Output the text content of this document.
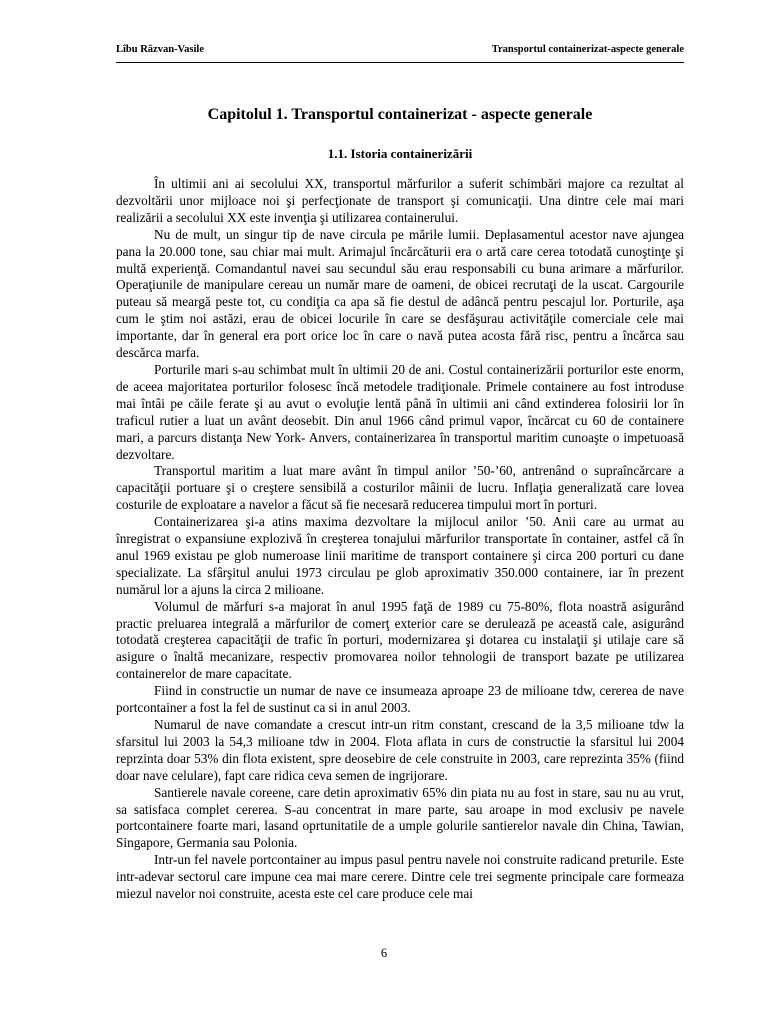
Lîbu Răzvan-Vasile	Transportul containerizat-aspecte generale
Capitolul 1. Transportul containerizat - aspecte generale
1.1. Istoria containerizării

În ultimii ani ai secolului XX, transportul mărfurilor a suferit schimbări majore ca rezultat al dezvoltării unor mijloace noi şi perfecţionate de transport şi comunicaţii. Una dintre cele mai mari realizării a secolului XX este invenţia şi utilizarea containerului.

Nu de mult, un singur tip de nave circula pe mările lumii. Deplasamentul acestor nave ajungea pana la 20.000 tone, sau chiar mai mult. Arimajul încărcăturii era o artă care cerea totodată cunoştinţe şi multă experienţă. Comandantul navei sau secundul său erau responsabili cu buna arimare a mărfurilor. Operaţiunile de manipulare cereau un număr mare de oameni, de obicei recrutaţi de la uscat. Cargourile puteau să meargă peste tot, cu condiţia ca apa să fie destul de adâncă pentru pescajul lor. Porturile, aşa cum le ştim noi astăzi, erau de obicei locurile în care se desfăşurau activităţile comerciale cele mai importante, dar în general era port orice loc în care o navă putea acosta fără risc, pentru a încărca sau descărca marfa.

Porturile mari s-au schimbat mult în ultimii 20 de ani. Costul containerizării porturilor este enorm, de aceea majoritatea porturilor folosesc încă metodele tradiţionale. Primele containere au fost introduse mai întâi pe căile ferate şi au avut o evoluţie lentă până în ultimii ani când extinderea folosirii lor în traficul rutier a luat un avânt deosebit. Din anul 1966 când primul vapor, încărcat cu 60 de containere mari, a parcurs distanţa New York- Anvers, containerizarea în transportul maritim cunoaşte o impetuoasă dezvoltare.

Transportul maritim a luat mare avânt în timpul anilor ’50-’60, antrenând o supraîncărcare a capacităţii portuare şi o creştere sensibilă a costurilor mâinii de lucru. Inflaţia generalizată care lovea costurile de exploatare a navelor a făcut să fie necesară reducerea timpului mort în porturi.

Containerizarea şi-a atins maxima dezvoltare la mijlocul anilor ’50. Anii care au urmat au înregistrat o expansiune explozivă în creşterea tonajului mărfurilor transportate în container, astfel că în anul 1969 existau pe glob numeroase linii maritime de transport containere şi circa 200 porturi cu dane specializate. La sfârşitul anului 1973 circulau pe glob aproximativ 350.000 containere, iar în prezent numărul lor a ajuns la circa 2 milioane.

Volumul de mărfuri s-a majorat în anul 1995 faţă de 1989 cu 75-80%, flota noastră asigurând practic preluarea integrală a mărfurilor de comerţ exterior care se derulează pe această cale, asigurând totodată creşterea capacităţii de trafic în porturi, modernizarea şi dotarea cu instalaţii şi utilaje care să asigure o înaltă mecanizare, respectiv promovarea noilor tehnologii de transport bazate pe utilizarea containerelor de mare capacitate.

Fiind in constructie un numar de nave ce insumeaza aproape 23 de milioane tdw, cererea de nave portcontainer a fost la fel de sustinut ca si in anul 2003.

Numarul de nave comandate a crescut intr-un ritm constant, crescand de la 3,5 milioane tdw la sfarsitul lui 2003 la 54,3 milioane tdw in 2004. Flota aflata in curs de constructie la sfarsitul lui 2004 reprzinta doar 53% din flota existent, spre deosebire de cele construite in 2003, care reprezinta 35% (fiind doar nave celulare), fapt care ridica ceva semen de ingrijorare.

Santierele navale coreene, care detin aproximativ 65% din piata nu au fost in stare, sau nu au vrut, sa satisfaca complet cererea. S-au concentrat in mare parte, sau aroape in mod exclusiv pe navele portcontainere foarte mari, lasand oprtunitatile de a umple golurile santierelor navale din China, Tawian, Singapore, Germania sau Polonia.

Intr-un fel navele portcontainer au impus pasul pentru navele noi construite radicand preturile. Este intr-adevar sectorul care impune cea mai mare cerere. Dintre cele trei segmente principale care formeaza miezul navelor noi construite, acesta este cel care produce cele mai

6
